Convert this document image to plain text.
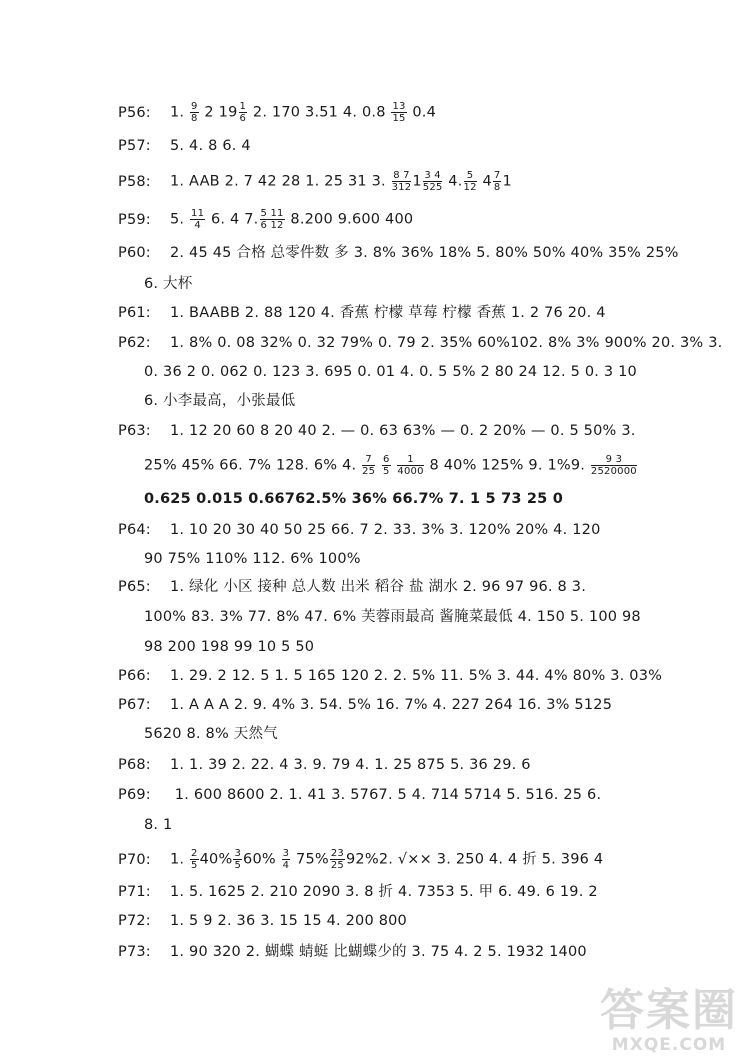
P56: 1. $\frac{9}{8} 2$ $19 \frac{1}{6} 2$. 170 3.51 4. $0.8 \frac{13}{15} 0.4$
P57: 5. 4. 8 6. 4
P58: 1. AAB 2. 7 42 28 1. 25 31 3. $\frac{8 7}{312} 1 \frac{3 4}{525} 4$. $\frac{5}{12} 4 \frac{7}{8} 1$
P59: 5. $\frac{11}{4} 6$. 4 7. $\frac{5 11}{6 12} 8.200$ 9.600 400
P60: 2. 45 45 合格 总零件数 多 3. 8% 36% 18% 5. 80% 50% 40% 35% 25%
6. 大杯
P61: 1. BAABB 2. 88 120 4. 香蕉 柠檬 草莓 柠檬 香蕉 1. 2 76 20. 4
P62: 1. 8% 0. 08 32% 0. 32 79% 0. 79 2. 35% 60%102. 8% 3% 900% 20. 3% 3.
0. 36 2 0. 062 0. 123 3. 695 0. 01 4. 0. 5 5% 2 80 24 12. 5 0. 3 10
6. 小李最高，小张最低
P63: 1. 12 20 60 8 20 40 2. — 0. 63 63% — 0. 2 20% — 0. 5 50% 3.
25% 45% 66. 7% 128. 6% 4. $\frac{7}{25}$
$\frac{6}{5}$
$\frac{1}{4000} 8$ 40% 125% 9. 1%9. $\frac{9 3}{2520000}$
0.625 0.015 0.66762.5% 36% 66.7% 7. 1 5 73 25 0
P64: 1. 10 20 30 40 50 25 66. 7 2. 33. 3% 3. 120% 20% 4. 120
90 75% 110% 112. 6% 100%
P65: 1. 绿化 小区 接种 总人数 出米 稻谷 盐 湖水 2. 96 97 96. 8 3.
100% 83. 3% 77. 8% 47. 6% 芙蓉雨最高 酱腌菜最低 4. 150 5. 100 98
98 200 198 99 10 5 50
P66: 1. 29. 2 12. 5 1. 5 165 120 2. 2. 5% 11. 5% 3. 44. 4% 80% 3. 03%
P67: 1. A A A 2. 9. 4% 3. 54. 5% 16. 7% 4. 227 264 16. 3% 5125
5620 8. 8% 天然气
P68: 1. 1. 39 2. 22. 4 3. 9. 79 4. 1. 25 875 5. 36 29. 6
P69: 1. 600 8600 2. 1. 41 3. 5767. 5 4. 714 5714 5. 516. 25 6.
8. 1
P70: 1. $\frac{2}{5} 40\% \frac{3}{5} 60\% \frac{3}{4} 75\% \frac{23}{25} 92\%2$. √×× 3. 250 4. 4 折 5. 396 4
P71: 1. 5. 1625 2. 210 2090 3. 8 折 4. 7353 5. 甲 6. 49. 6 19. 2
P72: 1. 5 9 2. 36 3. 15 15 4. 200 800
P73: 1. 90 320 2. 蝴蝶 蜻蜓 比蝴蝶少的 3. 75 4. 2 5. 1932 1400
答案圈
MXQE.COM
